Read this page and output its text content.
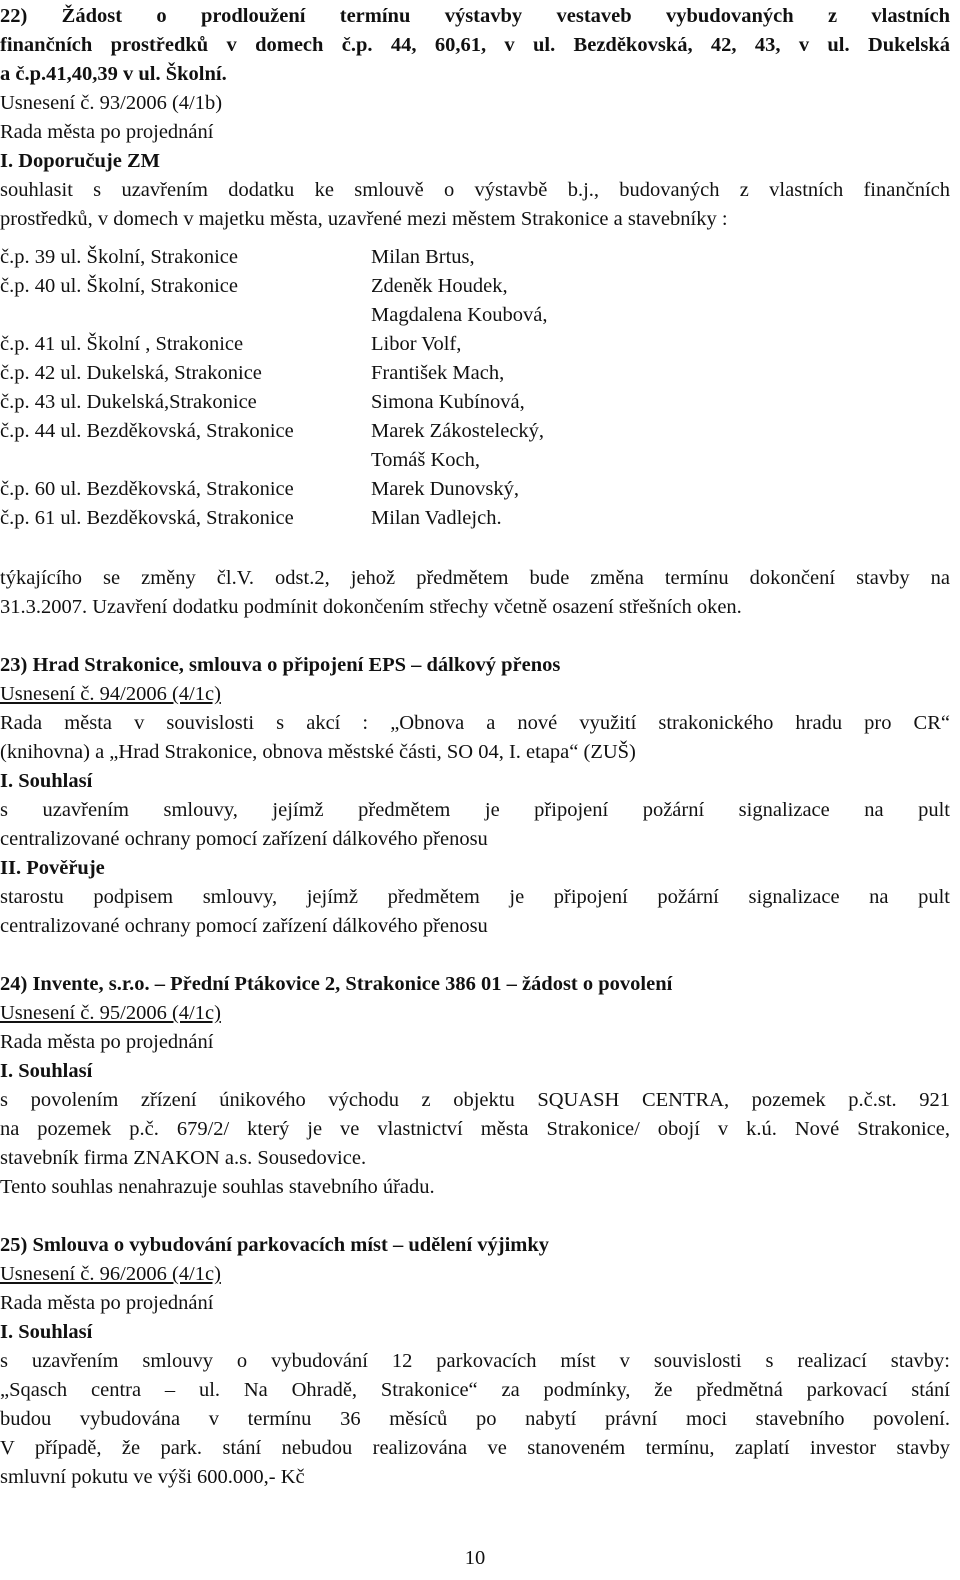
22) Žádost o prodloužení termínu výstavby vestaveb vybudovaných z vlastních
finančních prostředků v domech č.p. 44, 60,61, v ul. Bezděkovská, 42, 43, v ul. Dukelská
a č.p.41,40,39 v ul. Školní.
Usnesení č. 93/2006 (4/1b)
Rada města po projednání
I. Doporučuje ZM
souhlasit s uzavřením dodatku ke smlouvě o výstavbě b.j., budovaných z vlastních finančních
prostředků, v domech v majetku města, uzavřené mezi městem Strakonice a stavebníky :
č.p. 39 ul. Školní, Strakonice	Milan Brtus,
č.p. 40 ul. Školní, Strakonice	Zdeněk Houdek,
Magdalena Koubová,
č.p. 41 ul. Školní , Strakonice	Libor Volf,
č.p. 42 ul. Dukelská, Strakonice	František Mach,
č.p. 43 ul. Dukelská,Strakonice	Simona Kubínová,
č.p. 44 ul. Bezděkovská, Strakonice	Marek Zákostelecký,
Tomáš Koch,
č.p. 60 ul. Bezděkovská, Strakonice	Marek Dunovský,
č.p. 61 ul. Bezděkovská, Strakonice	Milan Vadlejch.
týkajícího se změny čl.V. odst.2, jehož předmětem bude změna termínu dokončení stavby na
31.3.2007. Uzavření dodatku podmínit dokončením střechy včetně osazení střešních oken.
23) Hrad Strakonice, smlouva o připojení EPS – dálkový přenos
Usnesení č. 94/2006 (4/1c)
Rada města v souvislosti s akcí : „Obnova a nové využití strakonického hradu pro CR“
(knihovna) a „Hrad Strakonice, obnova městské části, SO 04, I. etapa“ (ZUŠ)
I. Souhlasí
s uzavřením smlouvy, jejímž předmětem je připojení požární signalizace na pult
centralizované ochrany pomocí zařízení dálkového přenosu
II. Pověřuje
starostu podpisem smlouvy, jejímž předmětem je připojení požární signalizace na pult
centralizované ochrany pomocí zařízení dálkového přenosu
24) Invente, s.r.o. – Přední Ptákovice 2, Strakonice 386 01 – žádost o povolení
Usnesení č. 95/2006 (4/1c)
Rada města po projednání
I. Souhlasí
s povolením zřízení únikového východu z objektu SQUASH CENTRA, pozemek p.č.st. 921
na pozemek p.č. 679/2/ který je ve vlastnictví města Strakonice/ obojí v k.ú. Nové Strakonice,
stavebník firma ZNAKON a.s. Sousedovice.
Tento souhlas nenahrazuje souhlas stavebního úřadu.
25) Smlouva o vybudování parkovacích míst – udělení výjimky
Usnesení č. 96/2006 (4/1c)
Rada města po projednání
I. Souhlasí
s uzavřením smlouvy o vybudování 12 parkovacích míst v souvislosti s realizací stavby:
„Sqasch centra – ul. Na Ohradě, Strakonice“ za podmínky, že předmětná parkovací stání
budou vybudována v termínu 36 měsíců po nabytí právní moci stavebního povolení.
V případě, že park. stání nebudou realizována ve stanoveném termínu, zaplatí investor stavby
smluvní pokutu ve výši 600.000,- Kč
10
